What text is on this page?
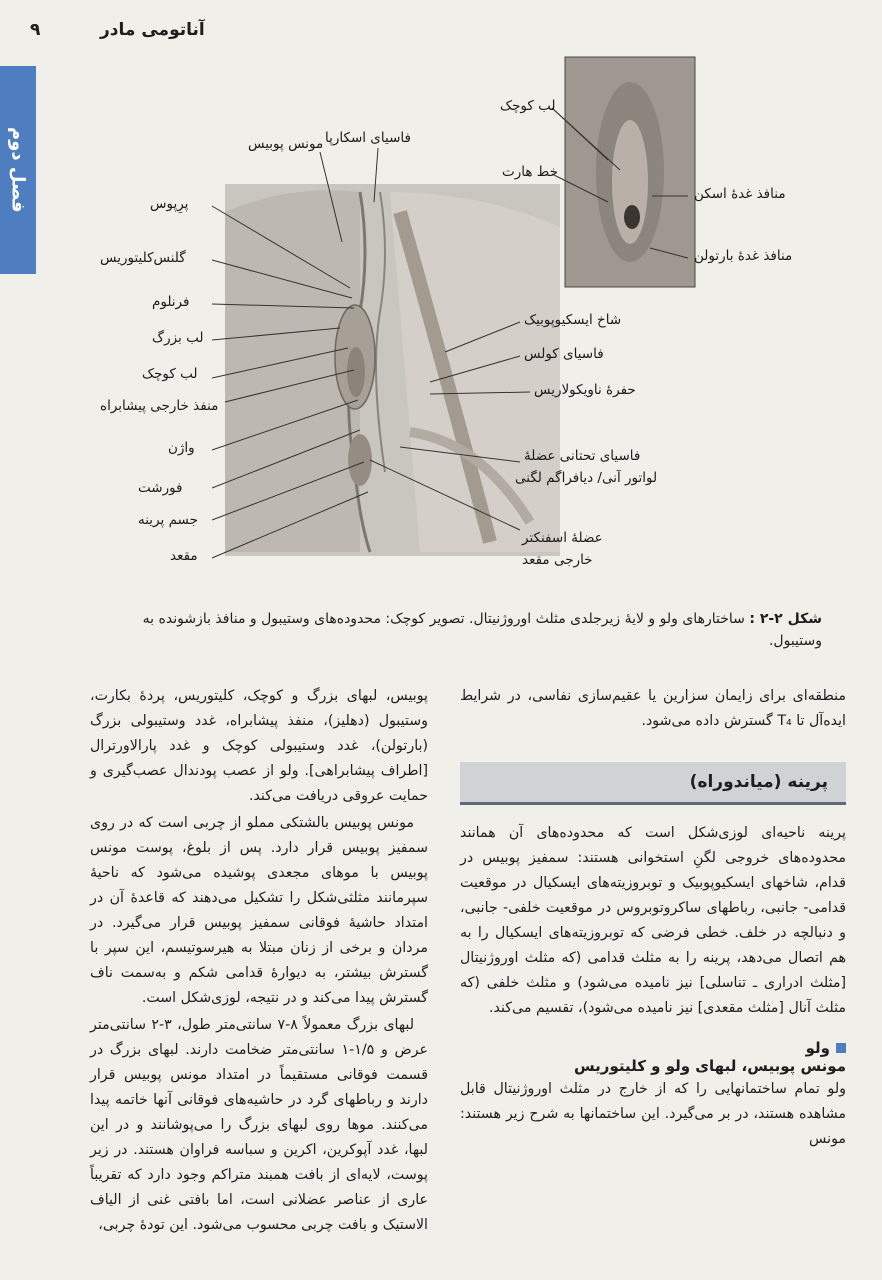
۹	آناتومی مادر
فصل دوم	مونس پوبیس فاسیای اسکارپا
پرِپوس
گلنس‌کلیتوریس
فرنلوم
لب بزرگ
لب کوچک
منفذ خارجی پیشابراه
واژن
فورشت
جسم پرینه
مقعد
شاخ ایسکیوپوبیک
فاسیای کولس
حفرهٔ ناویکولاریس
فاسیای تحتانی عضلهٔ
لواتور آنی/ دیافراگم لگنی
عضلهٔ اسفنکتر
خارجی مقعد
لب کوچک
خط هارت
منافذ غدهٔ اسکن
منافذ غدهٔ بارتولن
شکل ۲-۲ : ساختارهای ولو و لایهٔ زیرجلدی مثلث اوروژنیتال. تصویر کوچک: محدوده‌های وستیبول و منافذ بازشونده به وستیبول.

منطقه‌ای برای زایمان سزارین یا عقیم‌سازی نفاسی، در شرایط ایده‌آل تا T₄ گسترش داده می‌شود.

پرینه (میاندوراه)

پرینه ناحیه‌ای لوزی‌شکل است که محدوده‌های آن همانند محدوده‌های خروجی لگنِ استخوانی هستند: سمفیز پوبیس در قدام، شاخهای ایسکیوپوبیک و توبروزیته‌های ایسکیال در موقعیت قدامی- جانبی، رباطهای ساکروتوبروس در موقعیت خلفی- جانبی، و دنبالچه در خلف. خطی فرضی که توبروزیته‌های ایسکیال را به هم اتصال می‌دهد، پرینه را به مثلث قدامی (که مثلث اوروژنیتال [مثلث ادراری ـ تناسلی] نیز نامیده می‌شود) و مثلث خلفی (که مثلث آنال [مثلث مقعدی] نیز نامیده می‌شود)، تقسیم می‌کند.

ولو
مونس پوبیس، لبهای ولو و کلیتوریس

ولو تمام ساختمانهایی را که از خارج در مثلث اوروژنیتال قابل مشاهده هستند، در بر می‌گیرد. این ساختمانها به شرح زیر هستند: مونس

پوبیس، لبهای بزرگ و کوچک، کلیتوریس، پردهٔ بکارت، وستیبول (دهلیز)، منفذ پیشابراه، غدد وستیبولی بزرگ (بارتولن)، غدد وستیبولی کوچک و غدد پاراﻻورترال [اطراف پیشابراهی]. ولو از عصب پودندال عصب‌گیری و حمایت عروقی دریافت می‌کند.

مونس پوبیس بالشتکی مملو از چربی است که در روی سمفیز پوبیس قرار دارد. پس از بلوغ، پوست مونس پوبیس با موهای مجعدی پوشیده می‌شود که ناحیهٔ سپرمانند مثلثی‌شکل را تشکیل می‌دهند که قاعدهٔ آن در امتداد حاشیهٔ فوقانی سمفیز پوبیس قرار می‌گیرد. در مردان و برخی از زنان مبتلا به هیرسوتیسم، این سپر با گسترش بیشتر، به دیوارهٔ قدامی شکم و به‌سمت ناف گسترش پیدا می‌کند و در نتیجه، لوزی‌شکل است.

لبهای بزرگ معمولاً ۸-۷ سانتی‌متر طول، ۳-۲ سانتی‌متر عرض و ۱/۵-۱ سانتی‌متر ضخامت دارند. لبهای بزرگ در قسمت فوقانی مستقیماً در امتداد مونس پوبیس قرار دارند و رباطهای گرد در حاشیه‌های فوقانی آنها خاتمه پیدا می‌کنند. موها روی لبهای بزرگ را می‌پوشانند و در این لبها، غدد آپوکرین، اکرین و سباسه فراوان هستند. در زیر پوست، لایه‌ای از بافت همبند متراکم وجود دارد که تقریباً عاری از عناصر عضلانی است، اما بافتی غنی از الیاف الاستیک و بافت چربی محسوب می‌شود. این تودهٔ چربی،
